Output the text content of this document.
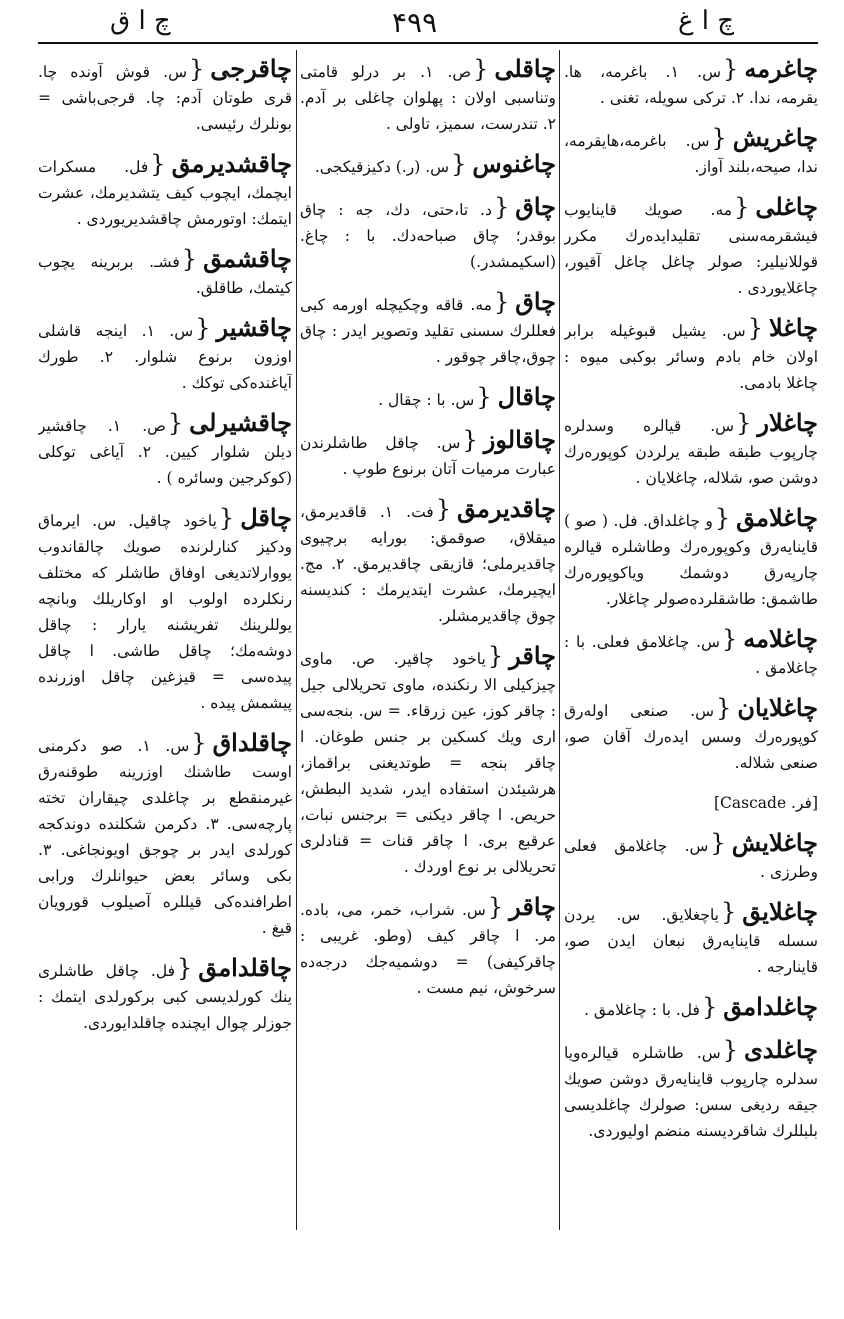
چ ا ق	۴۹۹	چ ا غ

چاغرمه{س. ۱. باغرمه، ها. یقرمه، ندا. ۲. ترکی سویله، تغنی .

چاغریش{س. باغرمه،هایقرمه، ندا، صیحه،بلند آواز.

چاغلی{مه. صویك قاینایوب فیشقرمه‌سنی تقلیدایده‌رك مکرر قوللانیلیر: صولر چاغل چاغل آقیور، چاغلایوردی .

چاغلا{س. یشیل قبوغیله برابر اولان خام بادم وسائر بوکبی میوه : چاغلا بادمی.

چاغلار{س. قیالره وسدلره چارپوب طبقه طبقه یرلردن کوپوره‌رك دوشن صو، شلاله، چاغلایان .

چاغلامق{و چاغلداق. فل. ( صو ) قاینایه‌رق وکوپوره‌رك وطاشلره قیالره چارپه‌رق دوشمك ویاکوپوره‌رك طاشمق: طاشقلرده‌صولر چاغلار.

چاغلامه{س. چاغلامق فعلی. با : چاغلامق .

چاغلایان{س. صنعی اوله‌رق کوپوره‌رك وسس ایده‌رك آقان صو، صنعی شلاله.

[فر. Cascade]

چاغلایش{س. چاغلامق فعلی وطرزی .

چاغلایق{یاچغلایق. س. یردن سسله قاینایه‌رق نبعان ایدن صو، قاینارجه .

چاغلدامق{فل. با : چاغلامق .

چاغلدی{س. طاشلره قیالره‌ویا سدلره چارپوب قاینا‌یه‌رق دوشن صویك جیقه ردیغی سس: صولرك چاغلدیسی بلبللرك شاقردیسنه منضم اولیوردی.

چاقلی{ص. ۱. بر درلو قامتی وتناسبی اولان : پهلوان چاغلی بر آدم. ۲. تندرست، سمیز، تاولی .

چاغنوس{س. (ر.) دکیزقیکجی.

چاق{د. تا،حتی، دك، جه : چاق بوقدر؛ چاق صباحه‌دك. با : چاغ. (اسکیمشدر.)

چاق{مه. قاقه وچکیچله اورمه کبی فعللرك سسنی تقلید وتصویر ایدر : چاق چوق،چاقر چوقور .

چاقال{س. با : چقال .

چاقالوز{س. چاقل طاشلرندن عبارت مرمیات آتان برنوع طوپ .

چاقدیرمق{فت. ۱. قاقدیرمق، میقلاق، صوقمق: بورایه برچیوی چاقدیرملی؛ قازیقی چاقدیرمق. ۲. مج. ایچیرمك، عشرت ایتدیرمك : کندیسنه چوق چاقدیرمشلر.

چاقر{یاخود چاقیر. ص. ماوی چیزکیلی الا رنکنده، ماوی تحریلالی جیل : چاقر کوز، عین زرقاء. = س. بنجه‌سی اری ویك کسکین بر جنس طوغان. ا چاقر بنجه = طوتدیغنی براقماز، هرشیئدن استفاده ایدر، شدید البطش، حریص. ا چاقر دیکنی = برجنس نبات، عرقبع بری. ا چاقر قنات = قنادلری تحریلالی بر نوع اوردك .

چاقر{س. شراب، خمر، می، باده. مر. ا چاقر کیف (وطو. غریبی : چاقرکیفی) = دوشمیه‌جك درجه‌ده سرخوش، نیم مست .

چاقرجی{س. قوش آونده چا. قری طوتان آدم: چا. قرجی‌باشی = بونلرك رئیسی.

چاقشدیرمق{فل. مسکرات ایچمك، ایچوب کیف یتشدیرمك، عشرت ایتمك: اوتورمش چاقشدیریوردی .

چاقشمق{فشـ. بربرینه یچوب کیتمك، طاقلق.

چاقشیر{س. ۱. اینجه قاشلی اوزون برنوع شلوار. ۲. طورك آیاغنده‌کی توکك .

چاقشیرلی{ص. ۱. چاقشیر دیلن شلوار کیین. ۲. آیاغی توکلی (کوکرجین وسائره ) .

چاقل{یاخود چاقیل. س. ایرماق ودکیز کنارلرنده صویك چالقاندوب یووارلاتدیغی اوفاق طاشلر که مختلف رنکلرده اولوب او اوکاریلك وبانچه یوللرینك تفریشنه یارار : چاقل دوشه‌مك؛ چاقل طاشی. ا چاقل پیده‌سی = قیزغین چاقل اوزرنده پیشمش پیده .

چاقلداق{س. ۱. صو دکرمنی اوست طاشنك اوزرینه طوقنه‌رق غیرمنقطع بر چاغلدی چیقاران تخته پارچه‌سی. ۳. دکرمن شکلنده دوندکجه کورلدی ایدر بر چوجق اویونجاغی. ۳. بکی وسائر بعض حیوانلرك ورابی اطرافنده‌کی قیللره آصیلوب قورویان قیغ .

چاقلدامق{فل. چاقل طاشلری ینك کورلدیسی کبی برکورلدی ایتمك : جوزلر چوال ایچنده چاقلدایوردی.
